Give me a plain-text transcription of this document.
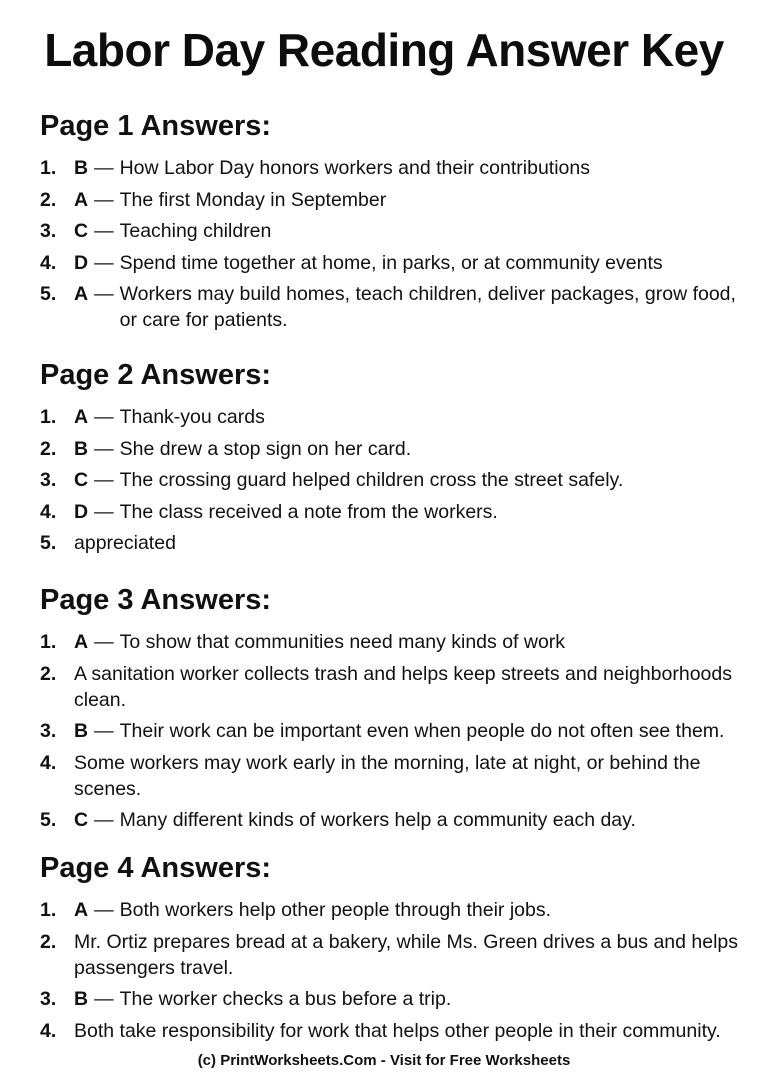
Labor Day Reading Answer Key
Page 1 Answers:
1. B — How Labor Day honors workers and their contributions
2. A — The first Monday in September
3. C — Teaching children
4. D — Spend time together at home, in parks, or at community events
5. A — Workers may build homes, teach children, deliver packages, grow food, or care for patients.
Page 2 Answers:
1. A — Thank-you cards
2. B — She drew a stop sign on her card.
3. C — The crossing guard helped children cross the street safely.
4. D — The class received a note from the workers.
5. appreciated
Page 3 Answers:
1. A — To show that communities need many kinds of work
2. A sanitation worker collects trash and helps keep streets and neighborhoods clean.
3. B — Their work can be important even when people do not often see them.
4. Some workers may work early in the morning, late at night, or behind the scenes.
5. C — Many different kinds of workers help a community each day.
Page 4 Answers:
1. A — Both workers help other people through their jobs.
2. Mr. Ortiz prepares bread at a bakery, while Ms. Green drives a bus and helps passengers travel.
3. B — The worker checks a bus before a trip.
4. Both take responsibility for work that helps other people in their community.
(c) PrintWorksheets.Com - Visit for Free Worksheets
